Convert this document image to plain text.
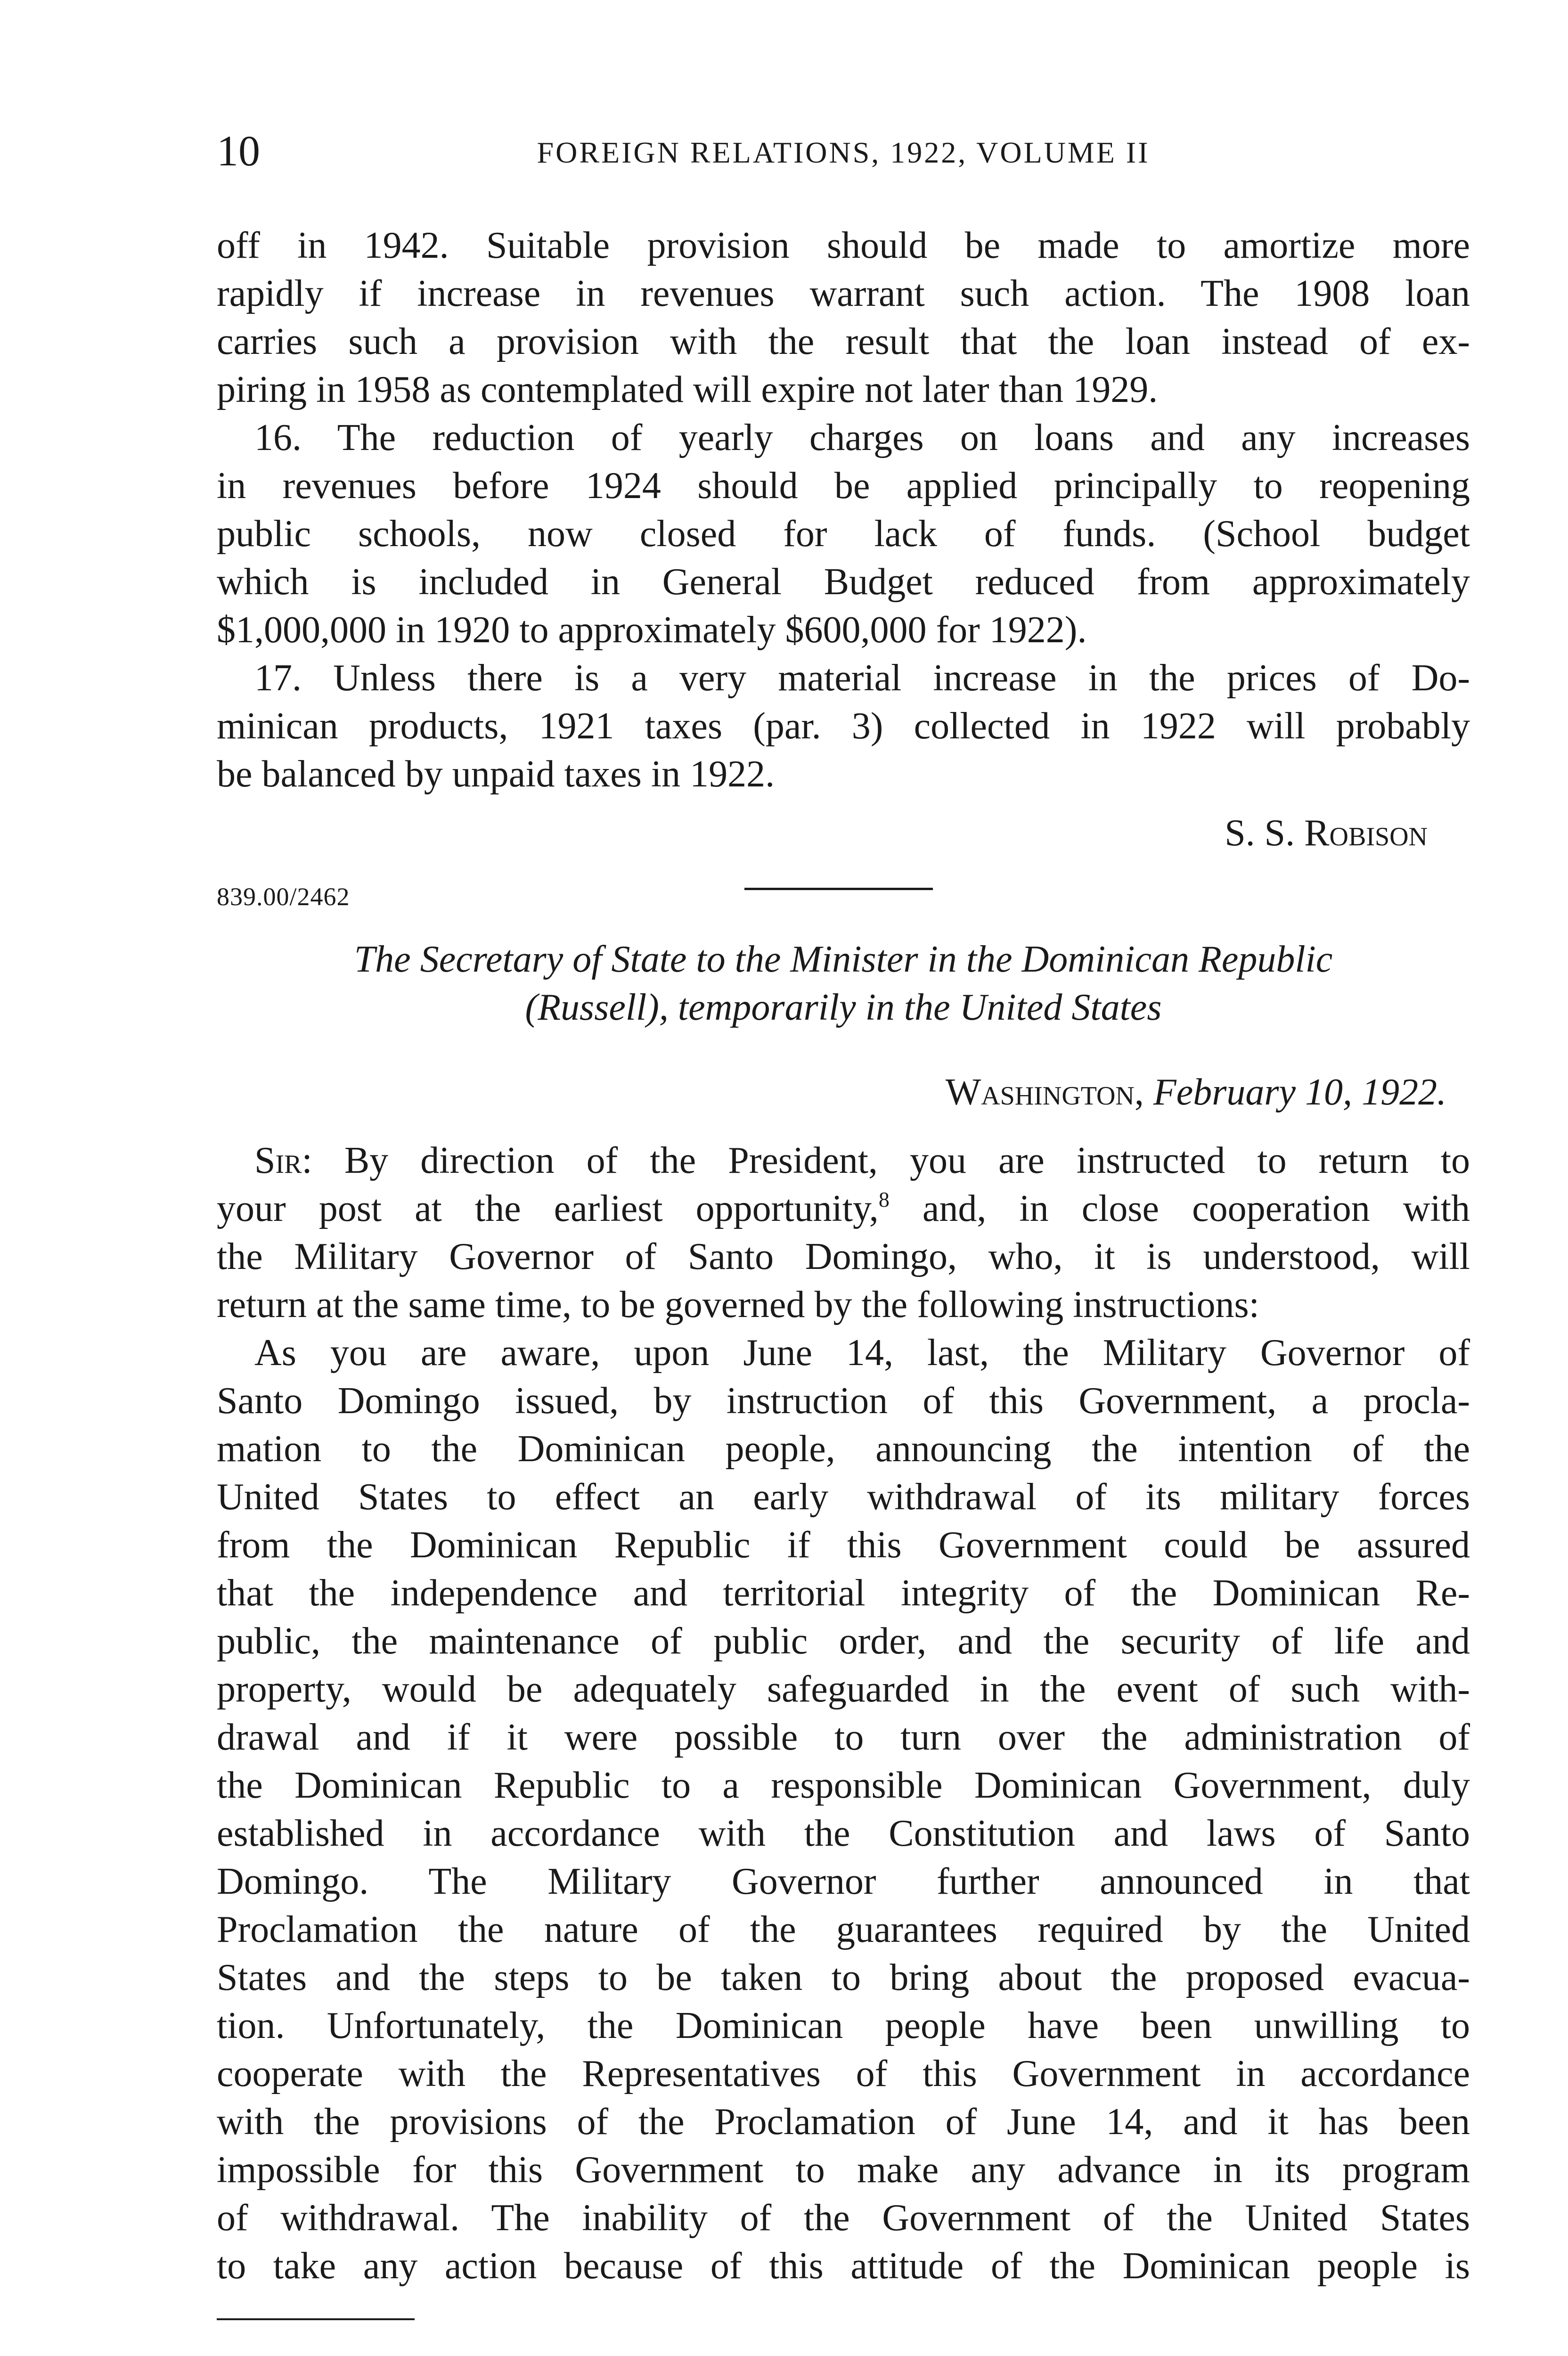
10	FOREIGN RELATIONS, 1922, VOLUME II

off in 1942. Suitable provision should be made to amortize more

rapidly if increase in revenues warrant such action. The 1908 loan

carries such a provision with the result that the loan instead of ex-

piring in 1958 as contemplated will expire not later than 1929.

16. The reduction of yearly charges on loans and any increases

in revenues before 1924 should be applied principally to reopening

public schools, now closed for lack of funds. (School budget

which is included in General Budget reduced from approximately

$1,000,000 in 1920 to approximately $600,000 for 1922).

17. Unless there is a very material increase in the prices of Do-

minican products, 1921 taxes (par. 3) collected in 1922 will probably

be balanced by unpaid taxes in 1922.

S. S. Robison
839.00/2462
The Secretary of State to the Minister in the Dominican Republic
(Russell), temporarily in the United States
Washington, February 10, 1922.

Sir: By direction of the President, you are instructed to return to

your post at the earliest opportunity,$^8$ and, in close cooperation with

the Military Governor of Santo Domingo, who, it is understood, will

return at the same time, to be governed by the following instructions:

As you are aware, upon June 14, last, the Military Governor of

Santo Domingo issued, by instruction of this Government, a procla-

mation to the Dominican people, announcing the intention of the

United States to effect an early withdrawal of its military forces

from the Dominican Republic if this Government could be assured

that the independence and territorial integrity of the Dominican Re-

public, the maintenance of public order, and the security of life and

property, would be adequately safeguarded in the event of such with-

drawal and if it were possible to turn over the administration of

the Dominican Republic to a responsible Dominican Government, duly

established in accordance with the Constitution and laws of Santo

Domingo. The Military Governor further announced in that

Proclamation the nature of the guarantees required by the United

States and the steps to be taken to bring about the proposed evacua-

tion. Unfortunately, the Dominican people have been unwilling to

cooperate with the Representatives of this Government in accordance

with the provisions of the Proclamation of June 14, and it has been

impossible for this Government to make any advance in its program

of withdrawal. The inability of the Government of the United States

to take any action because of this attitude of the Dominican people is
